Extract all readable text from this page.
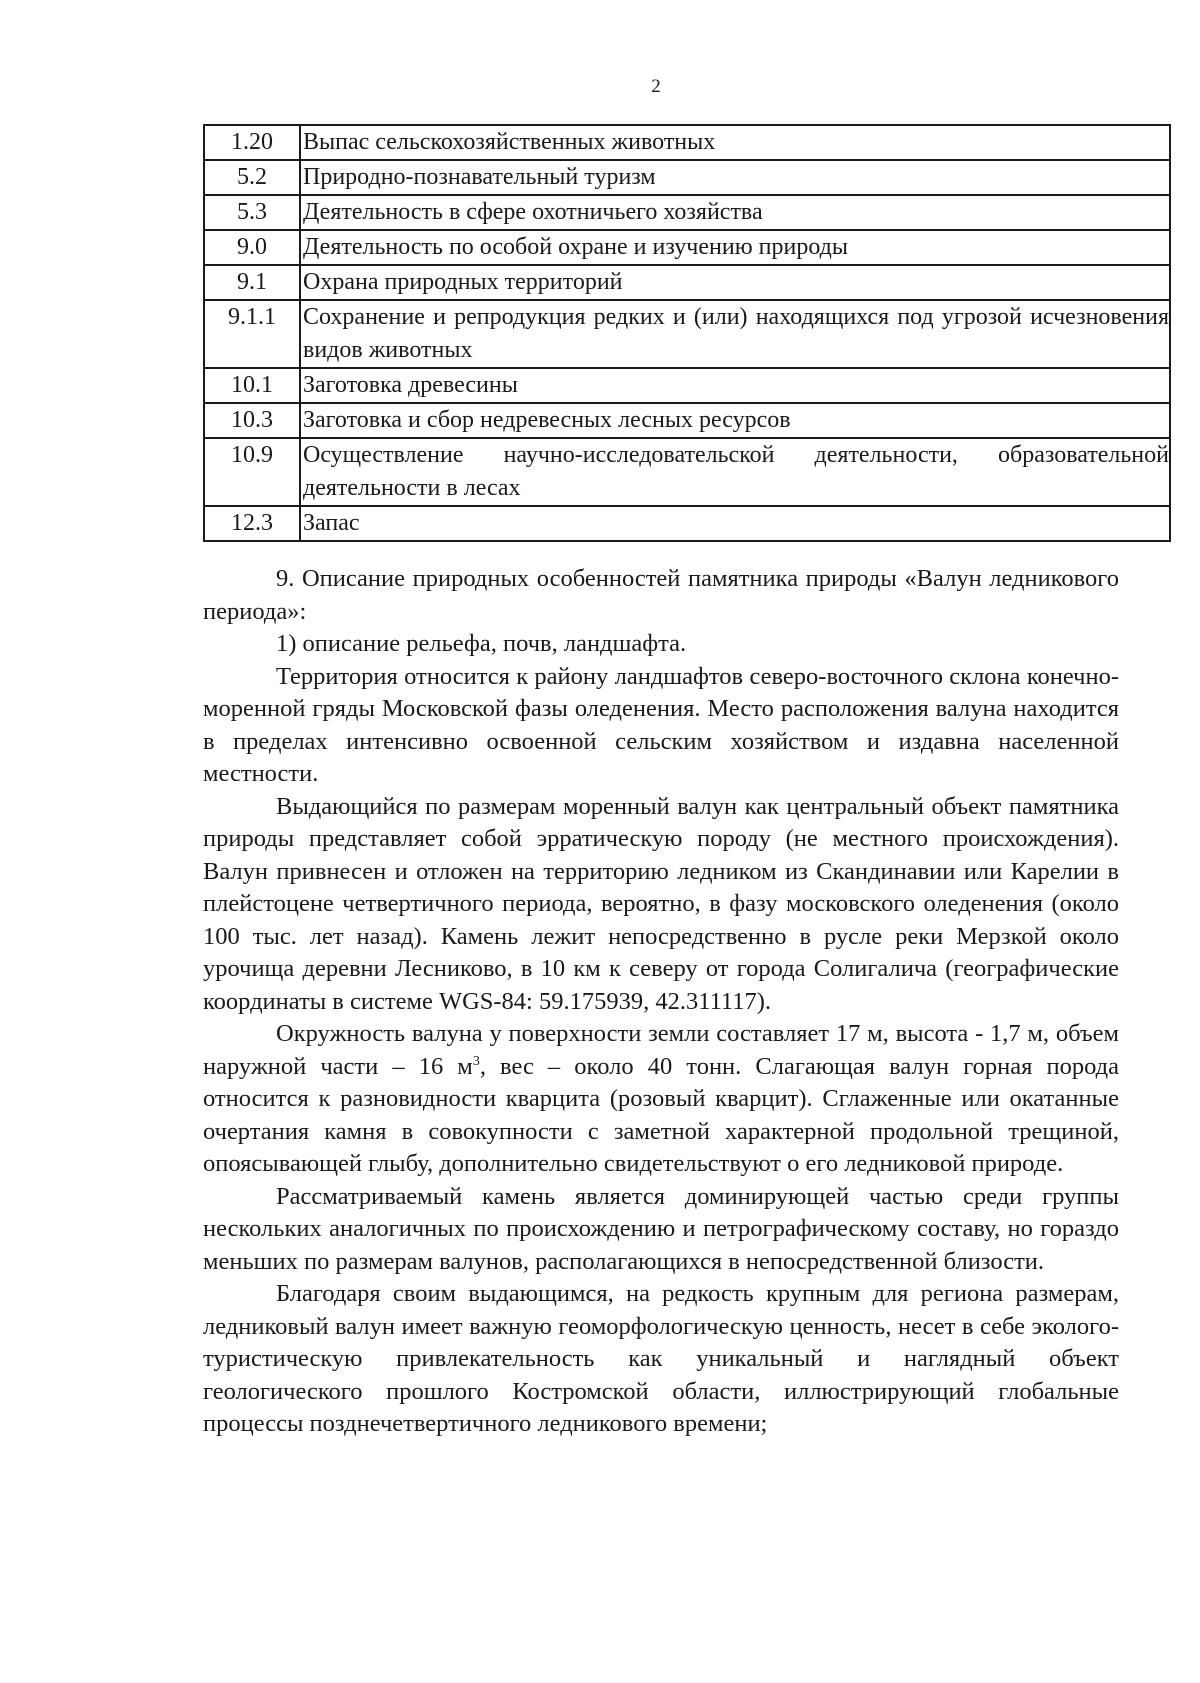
2
1.20	Выпас сельскохозяйственных животных
5.2	Природно-познавательный туризм
5.3	Деятельность в сфере охотничьего хозяйства
9.0	Деятельность по особой охране и изучению природы
9.1	Охрана природных территорий
9.1.1	Сохранение и репродукция редких и (или) находящихся под угрозой исчезновения видов животных
10.1	Заготовка древесины
10.3	Заготовка и сбор недревесных лесных ресурсов
10.9	Осуществление научно-исследовательской деятельности, образовательной деятельности в лесах
12.3	Запас

9. Описание природных особенностей памятника природы «Валун ледникового периода»:

1) описание рельефа, почв, ландшафта.

Территория относится к району ландшафтов северо-восточного склона конечно-моренной гряды Московской фазы оледенения. Место расположения валуна находится в пределах интенсивно освоенной сельским хозяйством и издавна населенной местности.

Выдающийся по размерам моренный валун как центральный объект памятника природы представляет собой эрратическую породу (не местного происхождения). Валун привнесен и отложен на территорию ледником из Скандинавии или Карелии в плейстоцене четвертичного периода, вероятно, в фазу московского оледенения (около 100 тыс. лет назад). Камень лежит непосредственно в русле реки Мерзкой около урочища деревни Лесниково, в 10 км к северу от города Солигалича (географические координаты в системе WGS-84: 59.175939, 42.311117).

Окружность валуна у поверхности земли составляет 17 м, высота - 1,7 м, объем наружной части – 16 $м^3$, вес – около 40 тонн. Слагающая валун горная порода относится к разновидности кварцита (розовый кварцит). Сглаженные или окатанные очертания камня в совокупности с заметной характерной продольной трещиной, опоясывающей глыбу, дополнительно свидетельствуют о его ледниковой природе.

Рассматриваемый камень является доминирующей частью среди группы нескольких аналогичных по происхождению и петрографическому составу, но гораздо меньших по размерам валунов, располагающихся в непосредственной близости.

Благодаря своим выдающимся, на редкость крупным для региона размерам, ледниковый валун имеет важную геоморфологическую ценность, несет в себе эколого-туристическую привлекательность как уникальный и наглядный объект геологического прошлого Костромской области, иллюстрирующий глобальные процессы позднечетвертичного ледникового времени;
